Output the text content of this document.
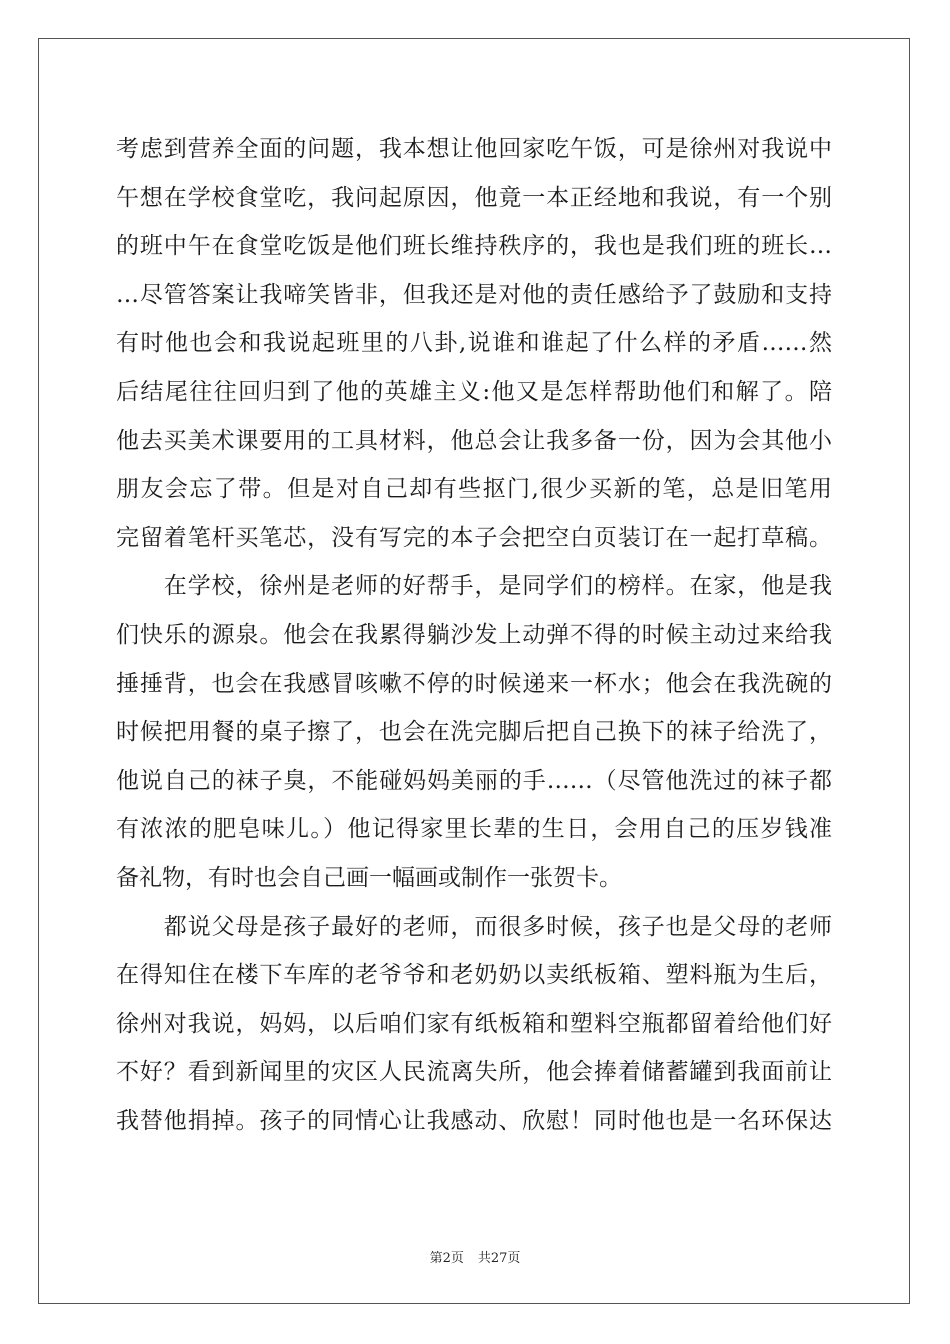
考虑到营养全面的问题，我本想让他回家吃午饭，可是徐州对我说中
午想在学校食堂吃，我问起原因，他竟一本正经地和我说，有一个别
的班中午在食堂吃饭是他们班长维持秩序的，我也是我们班的班长…
…尽管答案让我啼笑皆非，但我还是对他的责任感给予了鼓励和支持
有时他也会和我说起班里的八卦,说谁和谁起了什么样的矛盾……然
后结尾往往回归到了他的英雄主义:他又是怎样帮助他们和解了。陪
他去买美术课要用的工具材料，他总会让我多备一份，因为会其他小
朋友会忘了带。但是对自己却有些抠门,很少买新的笔，总是旧笔用
完留着笔杆买笔芯，没有写完的本子会把空白页装订在一起打草稿。
　　在学校，徐州是老师的好帮手，是同学们的榜样。在家，他是我
们快乐的源泉。他会在我累得躺沙发上动弹不得的时候主动过来给我
捶捶背，也会在我感冒咳嗽不停的时候递来一杯水；他会在我洗碗的
时候把用餐的桌子擦了，也会在洗完脚后把自己换下的袜子给洗了，
他说自己的袜子臭，不能碰妈妈美丽的手……（尽管他洗过的袜子都
有浓浓的肥皂味儿。）他记得家里长辈的生日，会用自己的压岁钱准
备礼物，有时也会自己画一幅画或制作一张贺卡。
　　都说父母是孩子最好的老师，而很多时候，孩子也是父母的老师
在得知住在楼下车库的老爷爷和老奶奶以卖纸板箱、塑料瓶为生后，
徐州对我说，妈妈，以后咱们家有纸板箱和塑料空瓶都留着给他们好
不好？看到新闻里的灾区人民流离失所，他会捧着储蓄罐到我面前让
我替他捐掉。孩子的同情心让我感动、欣慰！同时他也是一名环保达
第2页 共27页
